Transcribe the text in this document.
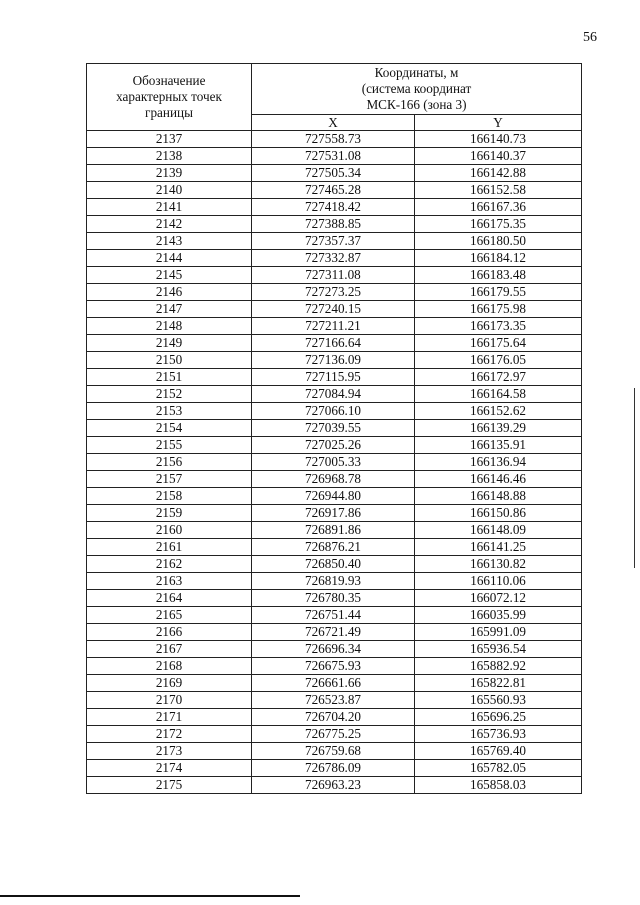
56
Обозначение характерных точек границы	Координаты, м
(система координат
МСК-166 (зона 3)	

	X	Y
2137	727558.73	166140.73
2138	727531.08	166140.37
2139	727505.34	166142.88
2140	727465.28	166152.58
2141	727418.42	166167.36
2142	727388.85	166175.35
2143	727357.37	166180.50
2144	727332.87	166184.12
2145	727311.08	166183.48
2146	727273.25	166179.55
2147	727240.15	166175.98
2148	727211.21	166173.35
2149	727166.64	166175.64
2150	727136.09	166176.05
2151	727115.95	166172.97
2152	727084.94	166164.58
2153	727066.10	166152.62
2154	727039.55	166139.29
2155	727025.26	166135.91
2156	727005.33	166136.94
2157	726968.78	166146.46
2158	726944.80	166148.88
2159	726917.86	166150.86
2160	726891.86	166148.09
2161	726876.21	166141.25
2162	726850.40	166130.82
2163	726819.93	166110.06
2164	726780.35	166072.12
2165	726751.44	166035.99
2166	726721.49	165991.09
2167	726696.34	165936.54
2168	726675.93	165882.92
2169	726661.66	165822.81
2170	726523.87	165560.93
2171	726704.20	165696.25
2172	726775.25	165736.93
2173	726759.68	165769.40
2174	726786.09	165782.05
2175	726963.23	165858.03
